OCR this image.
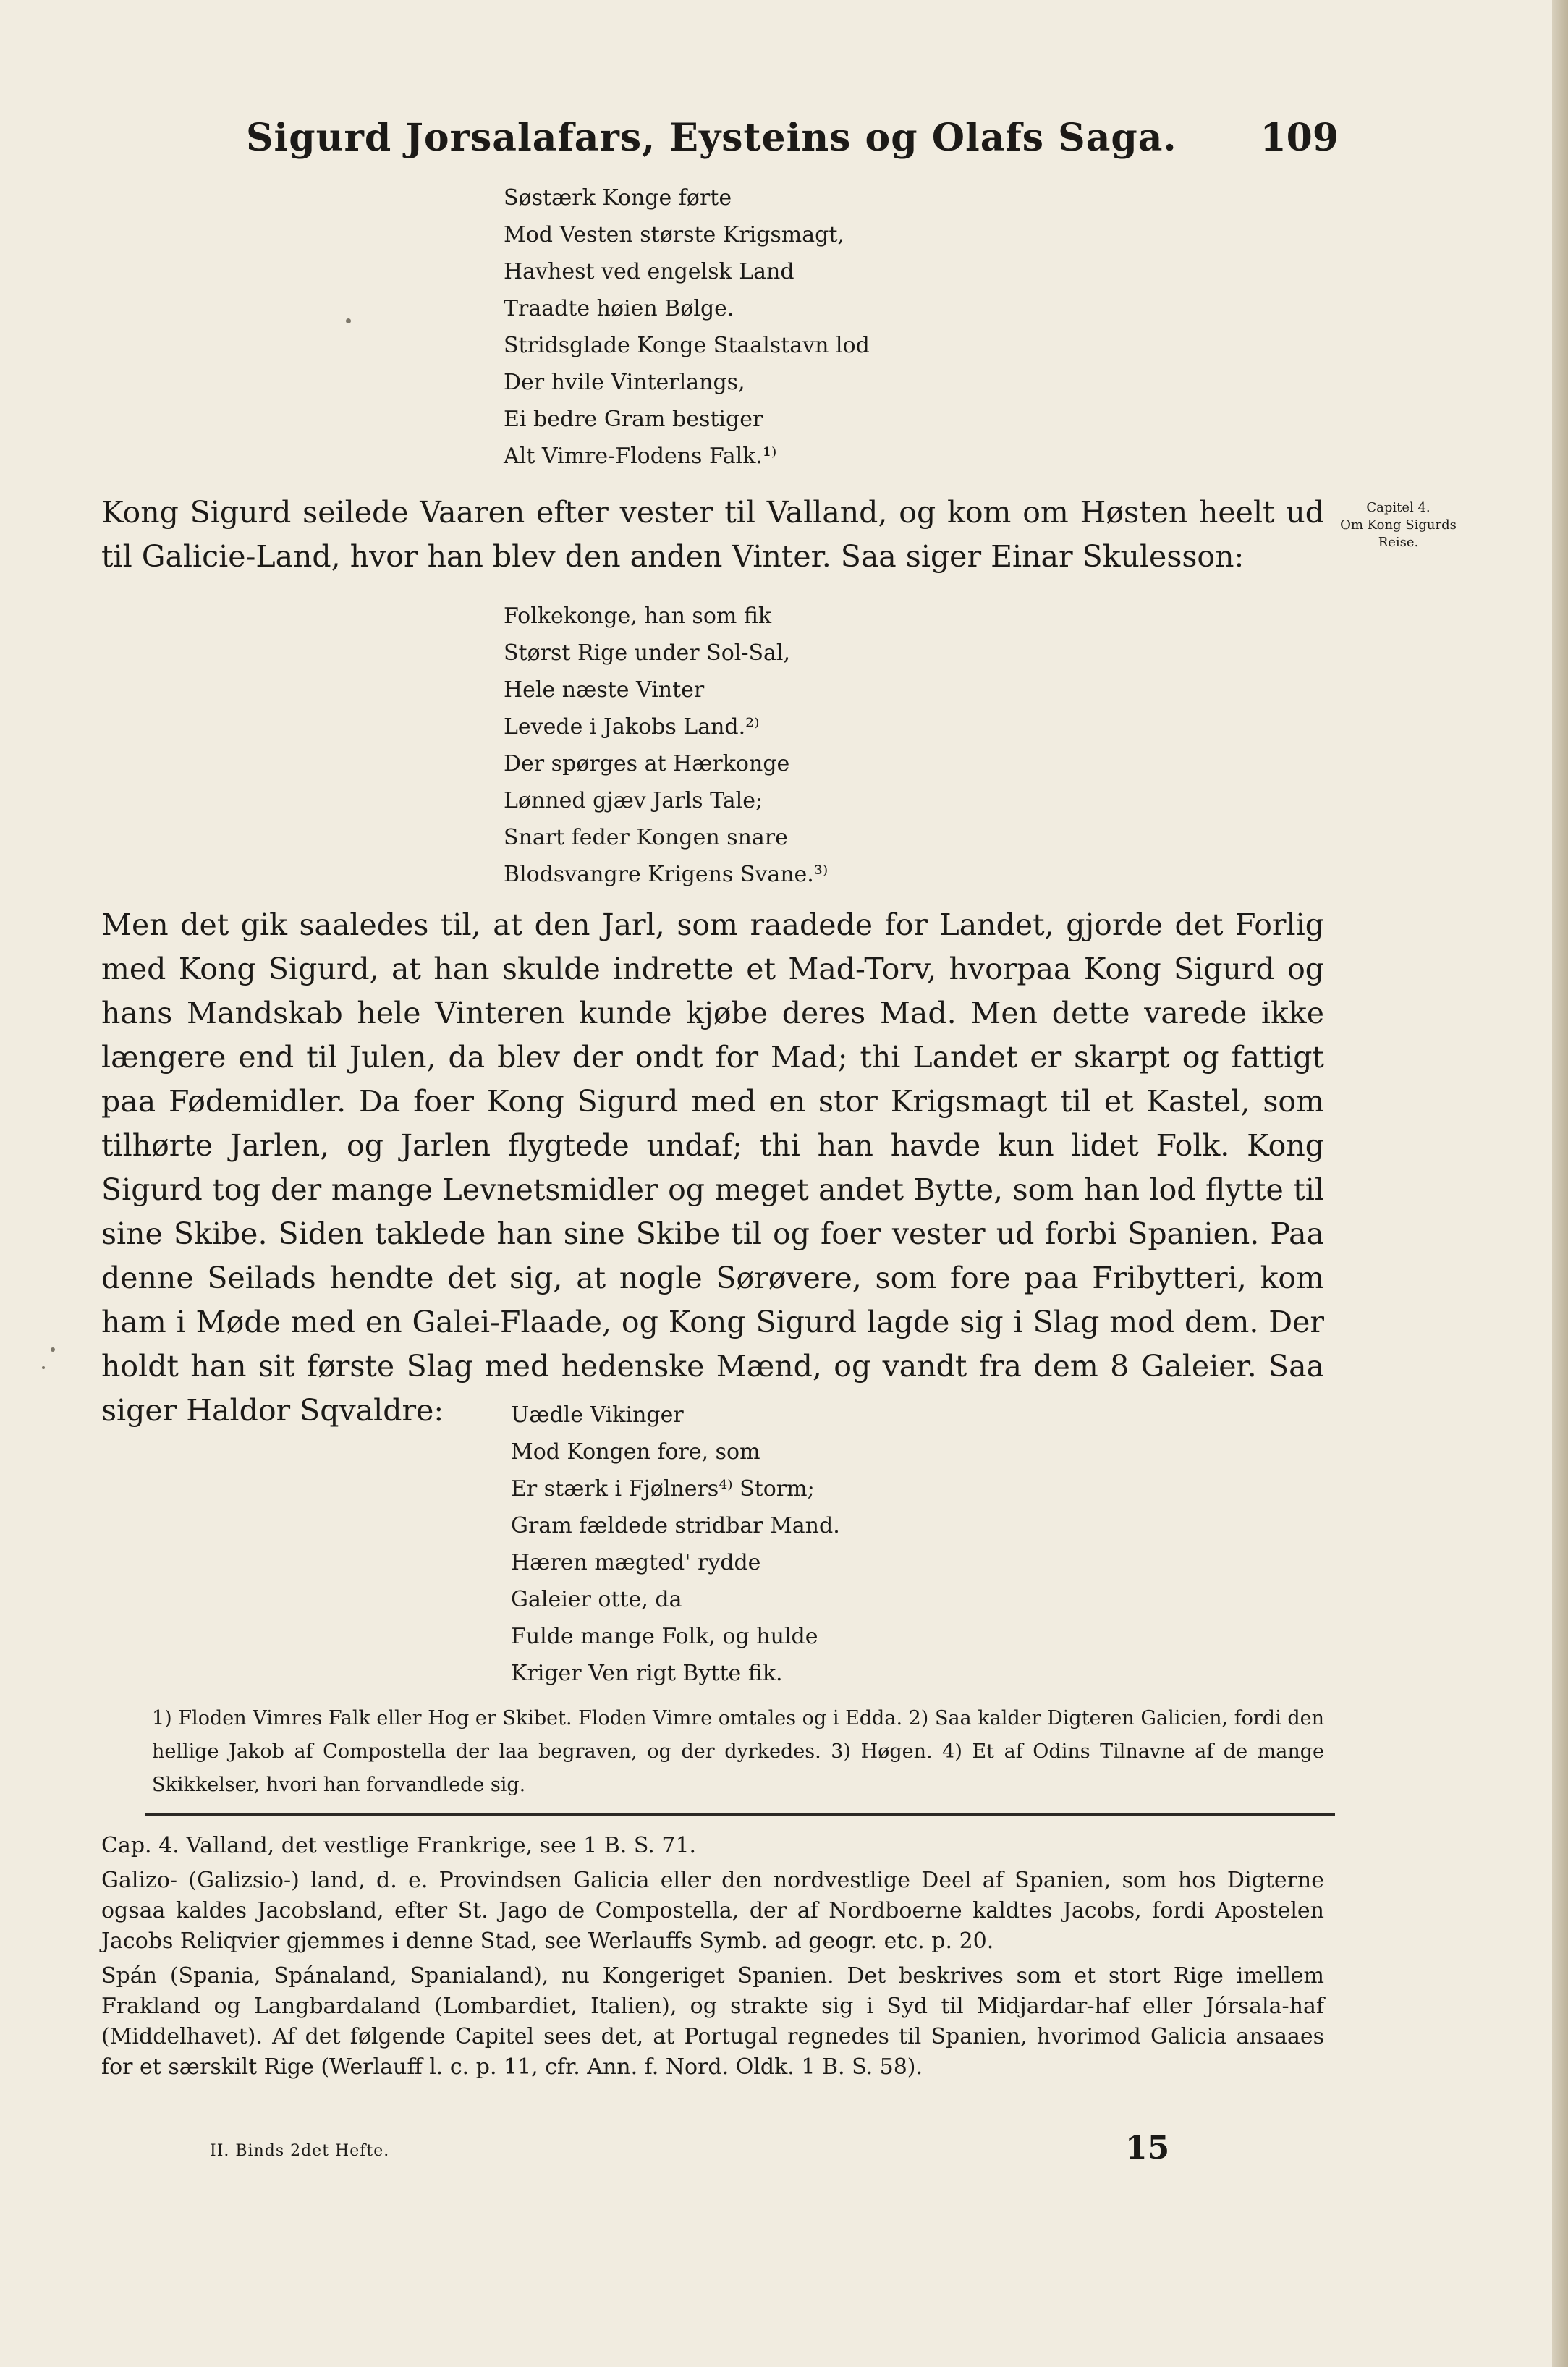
Sigurd Jorsalafars, Eysteins og Olafs Saga.	109
Søstærk Konge førte
Mod Vesten største Krigsmagt,
Havhest ved engelsk Land
Traadte høien Bølge.
Stridsglade Konge Staalstavn lod
Der hvile Vinterlangs,
Ei bedre Gram bestiger
Alt Vimre-Flodens Falk.¹⁾

Kong Sigurd seilede Vaaren efter vester til Valland, og kom om Høsten heelt ud til Galicie-Land, hvor han blev den anden Vinter. Saa siger Einar Skulesson:

Capitel 4.
Om Kong Sigurds Reise.
Folkekonge, han som fik
Størst Rige under Sol-Sal,
Hele næste Vinter
Levede i Jakobs Land.²⁾
Der spørges at Hærkonge
Lønned gjæv Jarls Tale;
Snart feder Kongen snare
Blodsvangre Krigens Svane.³⁾

Men det gik saaledes til, at den Jarl, som raadede for Landet, gjorde det Forlig med Kong Sigurd, at han skulde indrette et Mad-Torv, hvorpaa Kong Sigurd og hans Mandskab hele Vinteren kunde kjøbe deres Mad. Men dette varede ikke længere end til Julen, da blev der ondt for Mad; thi Landet er skarpt og fattigt paa Fødemidler. Da foer Kong Sigurd med en stor Krigsmagt til et Kastel, som tilhørte Jarlen, og Jarlen flygtede undaf; thi han havde kun lidet Folk. Kong Sigurd tog der mange Levnetsmidler og meget andet Bytte, som han lod flytte til sine Skibe. Siden taklede han sine Skibe til og foer vester ud forbi Spanien. Paa denne Seilads hendte det sig, at nogle Sørøvere, som fore paa Fribytteri, kom ham i Møde med en Galei-Flaade, og Kong Sigurd lagde sig i Slag mod dem. Der holdt han sit første Slag med hedenske Mænd, og vandt fra dem 8 Galeier. Saa siger Haldor Sqvaldre:	Uædle Vikinger
Mod Kongen fore, som
Er stærk i Fjølners⁴⁾ Storm;
Gram fældede stridbar Mand.
Hæren mægted' rydde
Galeier otte, da
Fulde mange Folk, og hulde
Kriger Ven rigt Bytte fik.
1) Floden Vimres Falk eller Hog er Skibet. Floden Vimre omtales og i Edda. 2) Saa kalder Digteren Galicien, fordi den hellige Jakob af Compostella der laa begraven, og der dyrkedes. 3) Høgen. 4) Et af Odins Tilnavne af de mange Skikkelser, hvori han forvandlede sig.

Cap. 4. Valland, det vestlige Frankrige, see 1 B. S. 71.

Galizo- (Galizsio-) land, d. e. Provindsen Galicia eller den nordvestlige Deel af Spanien, som hos Digterne ogsaa kaldes Jacobsland, efter St. Jago de Compostella, der af Nordboerne kaldtes Jacobs, fordi Apostelen Jacobs Reliqvier gjemmes i denne Stad, see Werlauffs Symb. ad geogr. etc. p. 20.

Spán (Spania, Spánaland, Spanialand), nu Kongeriget Spanien. Det beskrives som et stort Rige imellem Frakland og Langbardaland (Lombardiet, Italien), og strakte sig i Syd til Midjardar-haf eller Jórsala-haf (Middelhavet). Af det følgende Capitel sees det, at Portugal regnedes til Spanien, hvorimod Galicia ansaaes for et særskilt Rige (Werlauff l. c. p. 11, cfr. Ann. f. Nord. Oldk. 1 B. S. 58).

II. Binds 2det Hefte.	15
